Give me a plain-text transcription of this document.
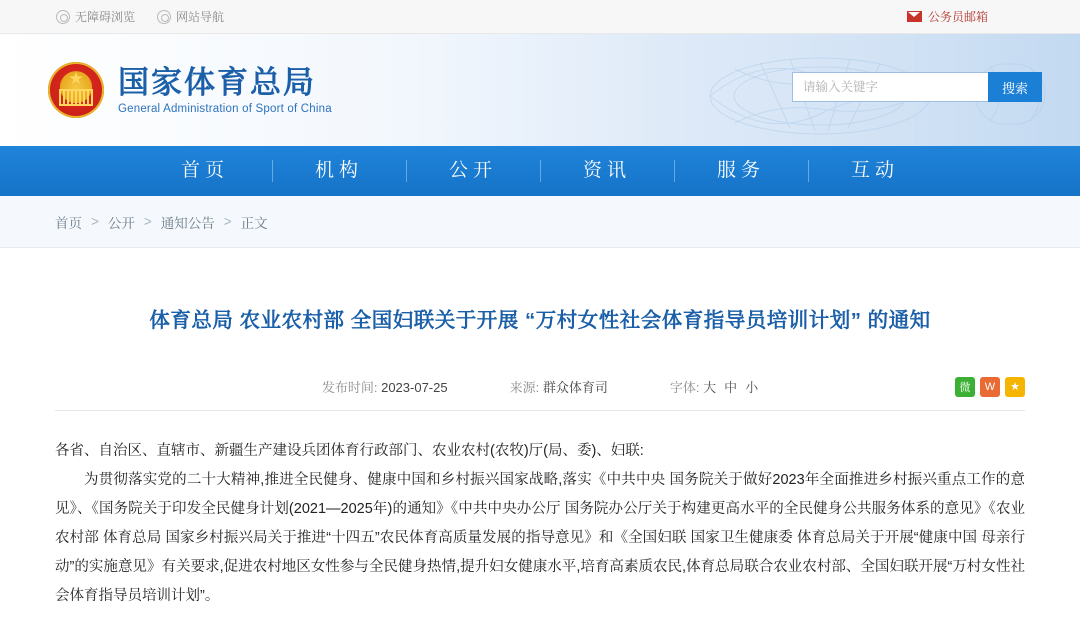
无障碍浏览	网站导航	公务员邮箱
★
国家体育总局
General Administration of Sport of China
请输入关键字
搜索
首页	机构	公开	资讯	服务	互动
首页 > 公开 > 通知公告 > 正文
体育总局 农业农村部 全国妇联关于开展 “万村女性社会体育指导员培训计划” 的通知
发布时间: 2023-07-25	来源: 群众体育司	字体: 大 中 小	微	W	★

各省、自治区、直辖市、新疆生产建设兵团体育行政部门、农业农村(农牧)厅(局、委)、妇联:

为贯彻落实党的二十大精神,推进全民健身、健康中国和乡村振兴国家战略,落实《中共中央 国务院关于做好2023年全面推进乡村振兴重点工作的意见》、《国务院关于印发全民健身计划(2021—2025年)的通知》《中共中央办公厅 国务院办公厅关于构建更高水平的全民健身公共服务体系的意见》《农业农村部 体育总局 国家乡村振兴局关于推进“十四五”农民体育高质量发展的指导意见》和《全国妇联 国家卫生健康委 体育总局关于开展“健康中国 母亲行动”的实施意见》有关要求,促进农村地区女性参与全民健身热情,提升妇女健康水平,培育高素质农民,体育总局联合农业农村部、全国妇联开展“万村女性社会体育指导员培训计划”。
